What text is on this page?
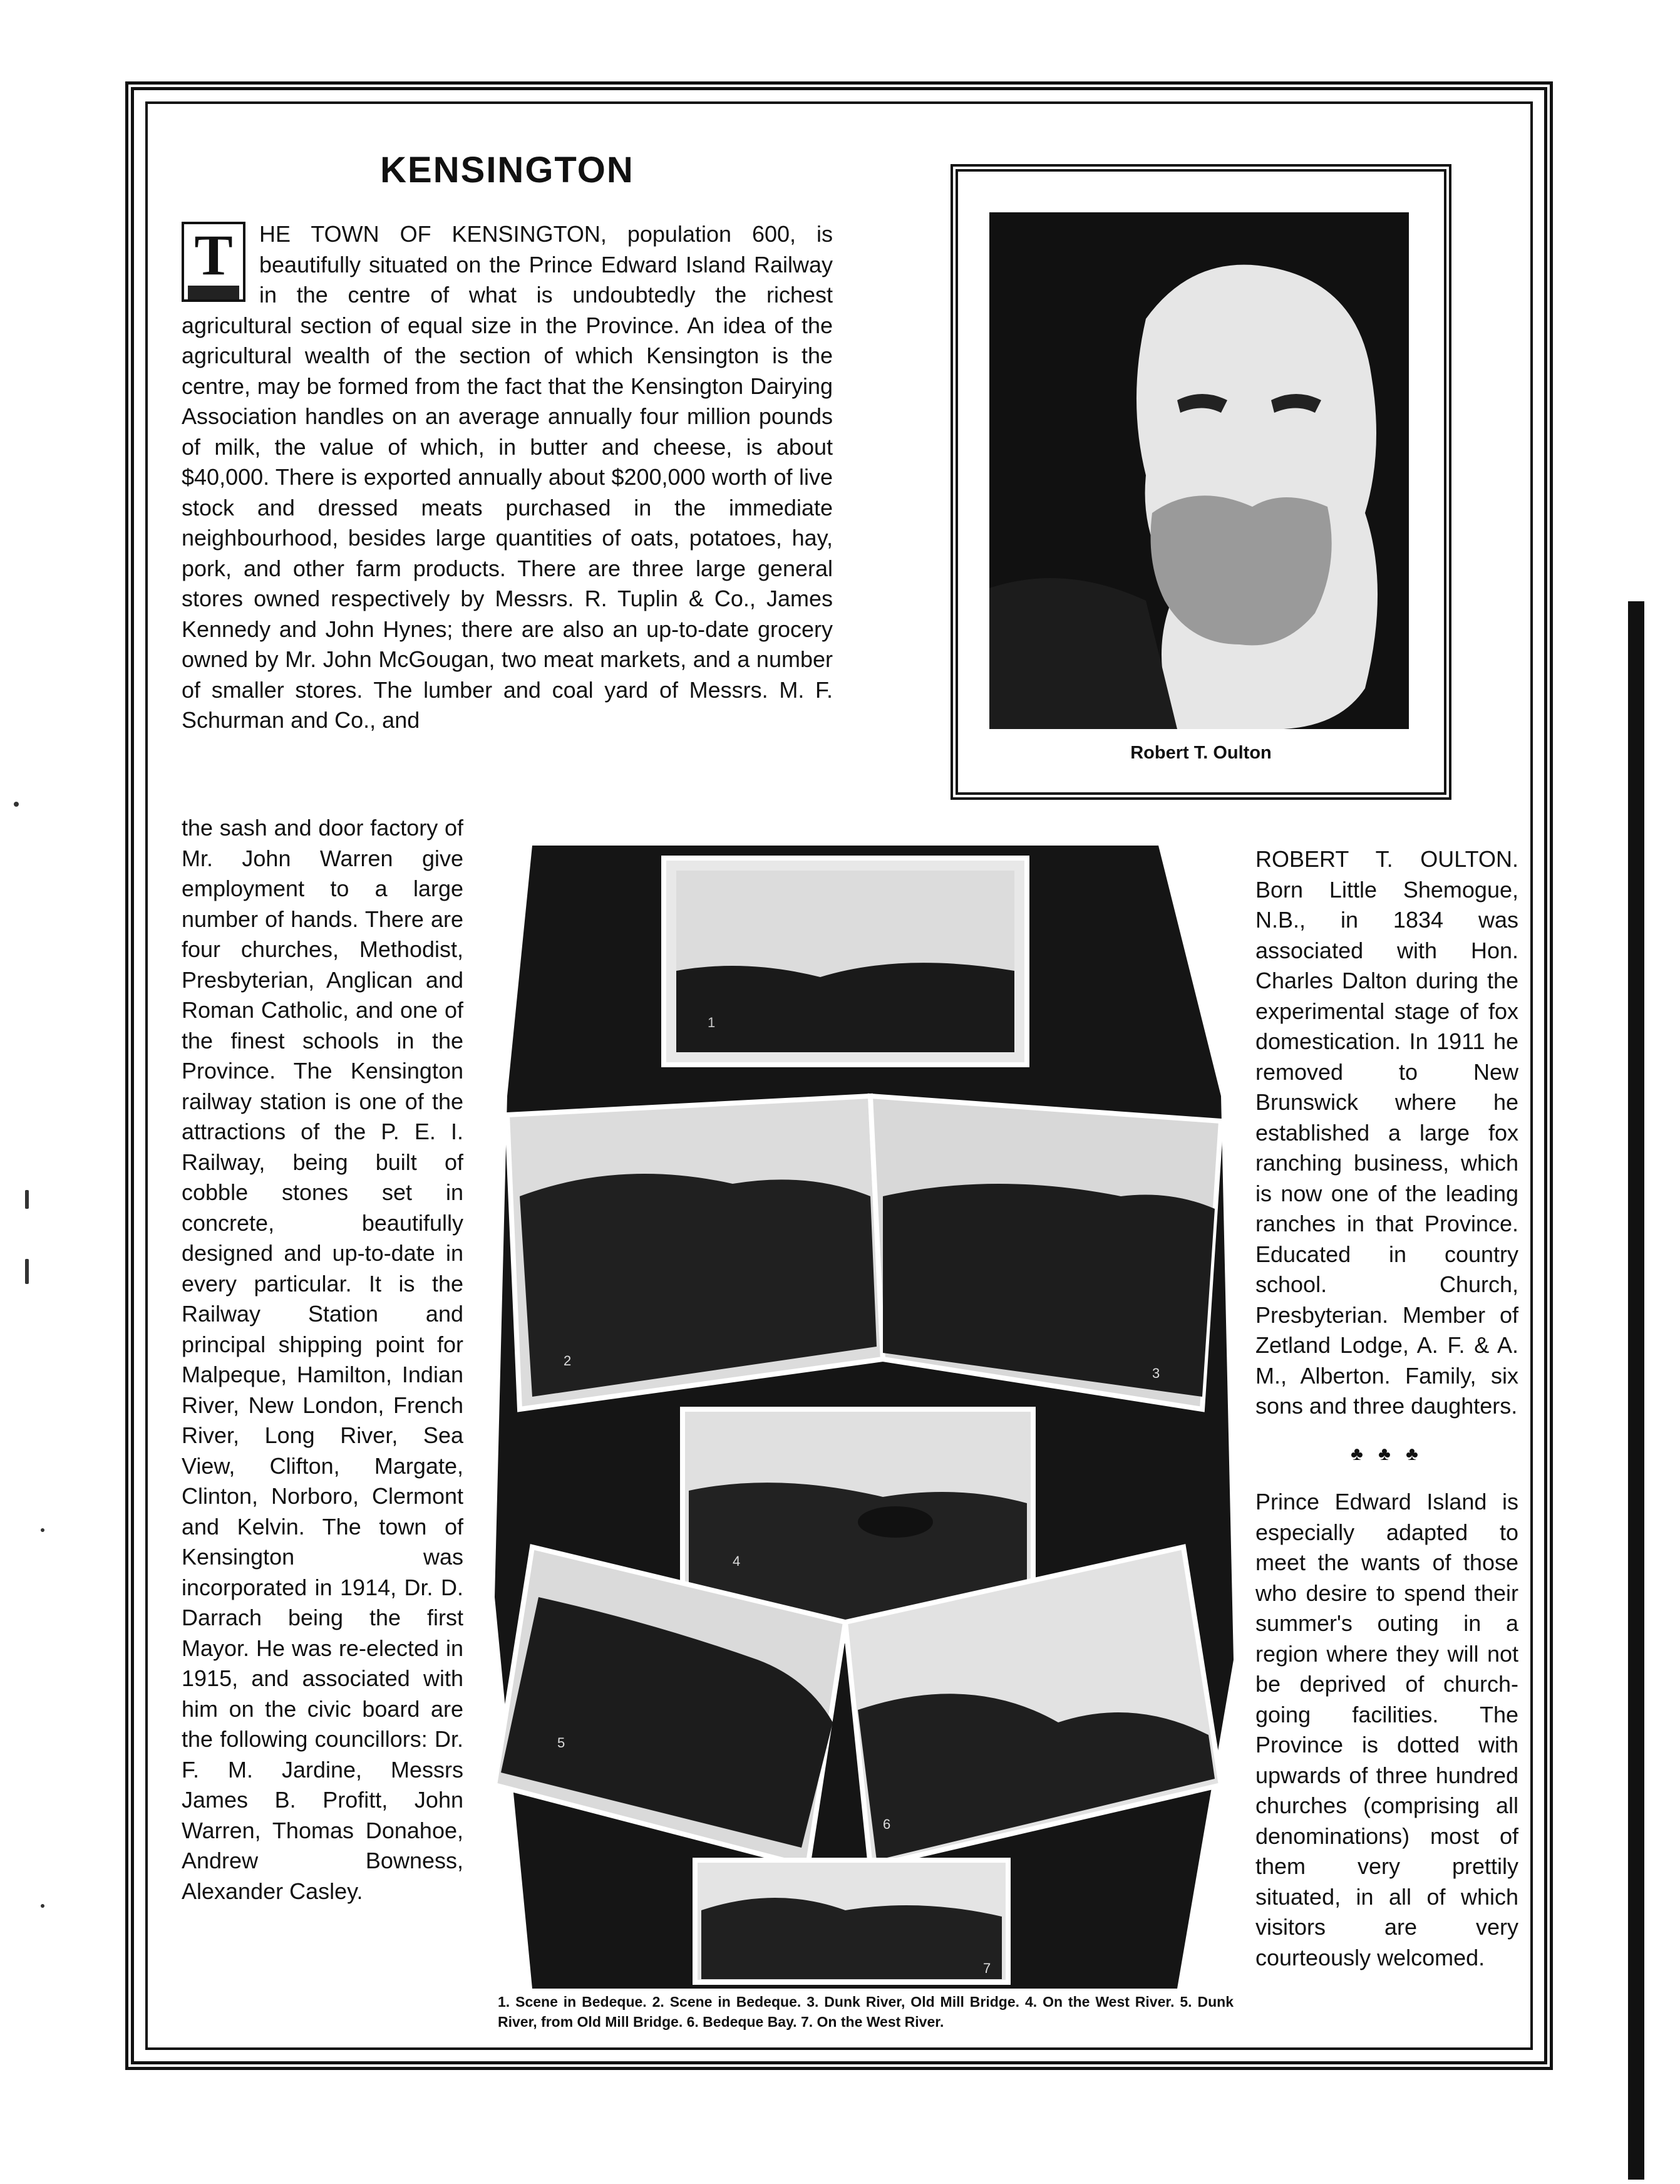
KENSINGTON
T	HE TOWN OF KENSINGTON, population 600, is beautifully situated on the Prince Edward Island Railway in the centre of what is undoubtedly the richest agricultural section of equal size in the Province. An idea of the agricultural wealth of the section of which Kensington is the centre, may be formed from the fact that the Kensington Dairying Association handles on an average annually four million pounds of milk, the value of which, in butter and cheese, is about $40,000. There is exported annually about $200,000 worth of live stock and dressed meats purchased in the immediate neighbourhood, besides large quantities of oats, potatoes, hay, pork, and other farm products. There are three large general stores owned respectively by Messrs. R. Tuplin & Co., James Kennedy and John Hynes; there are also an up-to-date grocery owned by Mr. John McGougan, two meat markets, and a number of smaller stores. The lumber and coal yard of Messrs. M. F. Schurman and Co., and

the sash and door factory of Mr. John Warren give employment to a large number of hands. There are four churches, Methodist, Presbyterian, Anglican and Roman Catholic, and one of the finest schools in the Province. The Kensington railway station is one of the attractions of the P. E. I. Railway, being built of cobble stones set in concrete, beautifully designed and up-to-date in every particular. It is the Railway Station and principal shipping point for Malpeque, Hamilton, Indian River, New London, French River, Long River, Sea View, Clifton, Margate, Clinton, Norboro, Clermont and Kelvin. The town of Kensington was incorporated in 1914, Dr. D. Darrach being the first Mayor. He was re-elected in 1915, and associated with him on the civic board are the following councillors: Dr. F. M. Jardine, Messrs James B. Profitt, John Warren, Thomas Donahoe, Andrew Bowness, Alexander Casley.

Robert T. Oulton

ROBERT T. OULTON. Born Little Shemogue, N.B., in 1834 was associated with Hon. Charles Dalton during the experimental stage of fox domestication. In 1911 he removed to New Brunswick where he established a large fox ranching business, which is now one of the leading ranches in that Province. Educated in country school. Church, Presbyterian. Member of Zetland Lodge, A. F. & A. M., Alberton. Family, six sons and three daughters.

♣ ♣ ♣

Prince Edward Island is especially adapted to meet the wants of those who desire to spend their summer's outing in a region where they will not be deprived of church-going facilities. The Province is dotted with upwards of three hundred churches (comprising all denominations) most of them very prettily situated, in all of which visitors are very courteously welcomed.

1
2
3
4
5
6
7
1. Scene in Bedeque. 2. Scene in Bedeque. 3. Dunk River, Old Mill Bridge. 4. On the West River. 5. Dunk River, from Old Mill Bridge. 6. Bedeque Bay. 7. On the West River.
